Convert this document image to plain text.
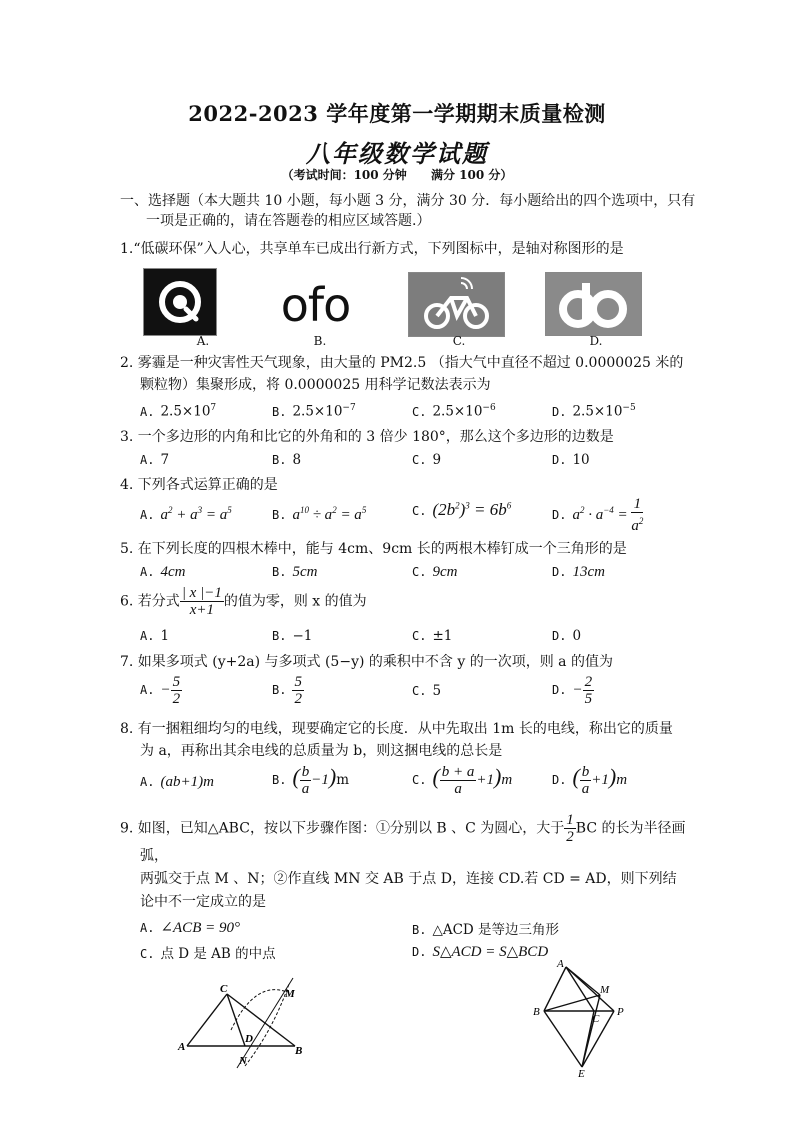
2022-2023 学年度第一学期期末质量检测
八年级数学试题
（考试时间：100 分钟 满分 100 分）
一、选择题（本大题共 10 小题，每小题 3 分，满分 30 分．每小题给出的四个选项中，只有
一项是正确的，请在答题卷的相应区域答题.）
1.“低碳环保”入人心，共享单车已成出行新方式，下列图标中，是轴对称图形的是
ofo
A.	B.	C.	D.
2. 雾霾是一种灾害性天气现象，由大量的 PM2.5 （指大气中直径不超过 0.0000025 米的
颗粒物）集聚形成，将 0.0000025 用科学记数法表示为
A. $2.5\times 10^7$	B. $2.5\times 10^{-7}$	C. $2.5\times 10^{-6}$	D. $2.5\times 10^{-5}$
3. 一个多边形的内角和比它的外角和的 3 倍少 180°，那么这个多边形的边数是
A. 7	B. 8	C. 9	D. 10
4. 下列各式运算正确的是
A. $a^2 + a^3 = a^5$	B. $a^{10} \div a^2 = a^5$	C. $(2b^2)^3 = 6b^6$
D. $a^2 \cdot a^{-4} = \frac{1}{a^2}$
5. 在下列长度的四根木棒中，能与 4cm、9cm 长的两根木棒钉成一个三角形的是
A. 4cm	B. 5cm	C. 9cm	D. 13cm
6. 若分式 $\frac{| x |-1}{x+1}$ 的值为零，则 x 的值为
A. 1	B. −1	C. ±1	D. 0
7. 如果多项式 (y+2a) 与多项式 (5−y) 的乘积中不含 y 的一次项，则 a 的值为
A. − $\frac{5}{2}$	B. $\frac{5}{2}$	C. 5	D. − $\frac{2}{5}$
8. 有一捆粗细均匀的电线，现要确定它的长度．从中先取出 1m 长的电线，称出它的质量
为 a，再称出其余电线的总质量为 b，则这捆电线的总长是
A. (ab+1)m	B. ( $\frac{b}{a} -1)m$	C. ( $\frac{b + a}{a} +1)m$	D. ( $\frac{b}{a} +1)m$
9. 如图，已知△ABC，按以下步骤作图：①分别以 B 、C 为圆心，大于 $\frac{1}{2}$ BC 的长为半径画
弧，
两弧交于点 M 、N；②作直线 MN 交 AB 于点 D，连接 CD.若 CD = AD，则下列结
论中不一定成立的是
A. ∠ACB = 90°	B. △ACD 是等边三角形
C. 点 D 是 AB 的中点	D. S△ACD = S△BCD
C	M
A
D
B
N
A
M
B
C
P
E
